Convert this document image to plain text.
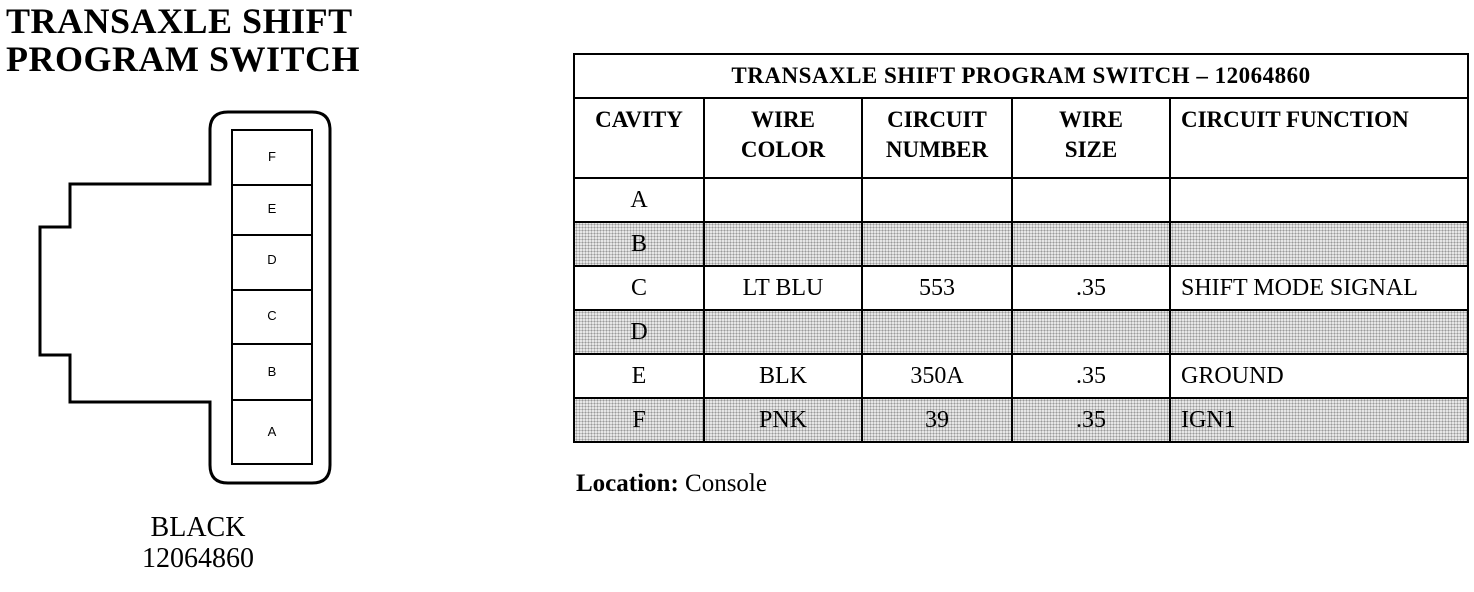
TRANSAXLE SHIFT
PROGRAM SWITCH
F
E
D
C
B
A
BLACK
12064860
TRANSAXLE SHIFT PROGRAM SWITCH – 12064860				
CAVITY	WIRE COLOR	CIRCUIT NUMBER	WIRE SIZE	CIRCUIT FUNCTION
A				
B				
C	LT BLU	553	.35	SHIFT MODE SIGNAL
D				
E	BLK	350A	.35	GROUND
F	PNK	39	.35	IGN1
Location: Console
